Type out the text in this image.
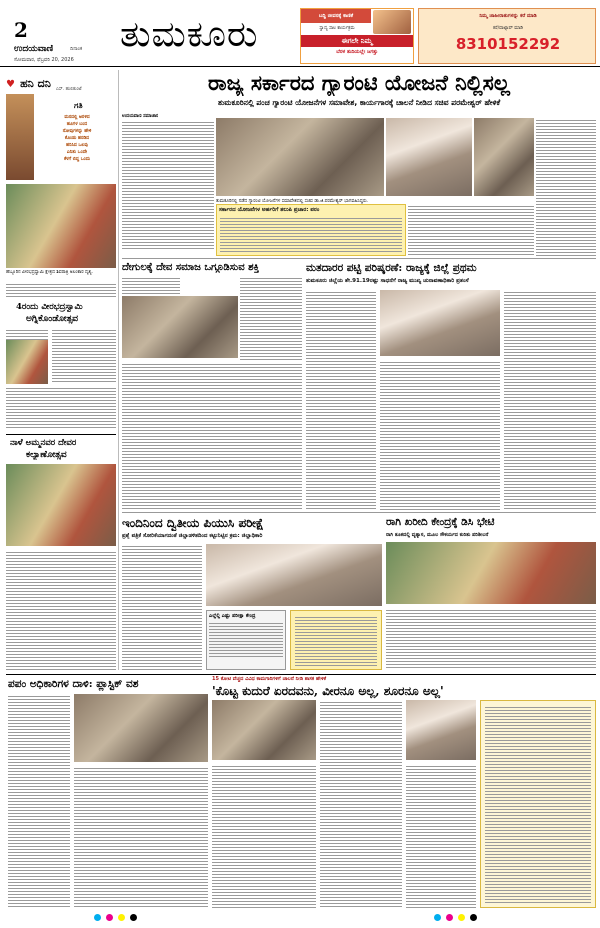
2
ಉದಯವಾಣಿ	ದಿನಾಂಕ
ಸೋಮವಾರ, ಫೆಬ್ರವರಿ 20, 2026
ತುಮಕೂರು	ಬದ್ಧಿ ಜೀವನಕ್ಕೆ ಕಾಣಿಕೆ
ಸ್ವಾದ್ಯ ಸಾಲ ಕಾರ್ಯಕ್ರಮ
ಈಗಲೇ ನಿಮ್ಮ
ಬೆರಳ ತುದಿಯಲ್ಲೇ ಜಗತ್ತು
ನಿಮ್ಮ ಜಾಹೀರಾತುಗಳನ್ನು ಕರೆ ಮಾಡಿ
ಕರೆ/ವಾಟ್ಸಾಪ್ ಮಾಡಿ
8310152292
♥ ಹನಿ ದನಿ	ಎಸ್. ಹುಲಿಕುಂಟೆ
ಗತಿ
ಮನದಲ್ಲಿ ಅರಳಿದ
ಹೂಗಳ ಬಂದ
ನೋವುಗಳನ್ನು ಹೇಳಿ
ಕೊಂಡು ಹರಡಿದ
ಹರಿಸಿದ ಒಲವು
ಎನಿತು ಒಂದೇ
ಕೆಳಗೆ ಬಿದ್ದ ಒಂದು
ಹೆಬ್ಬೂರಿನ ವೀರಭದ್ರಸ್ವಾಮಿ ಕ್ಷೇತ್ರದ ಶಿವರಾತ್ರಿ ಅಲಂಕಾರ ದೃಶ್ಯ.
4ರಂದು ವೀರಭದ್ರಸ್ವಾಮಿ
ಅಗ್ನಿಕೊಂಡೋತ್ಸವ
ನಾಳೆ ಅಮ್ಮನವರ ದೇವರ
ಕಲ್ಯಾಣೋತ್ಸವ
ರಾಜ್ಯ ಸರ್ಕಾರದ ಗ್ಯಾರಂಟಿ ಯೋಜನೆ ನಿಲ್ಲಿಸಲ್ಲ
ತುಮಕೂರಿನಲ್ಲಿ ಪಂಚ ಗ್ಯಾರಂಟಿ ಯೋಜನೆಗಳ ಸಮಾವೇಶ, ಕಾರ್ಯಗಾರಕ್ಕೆ ಚಾಲನೆ ನೀಡಿದ ಸಚಿವ ಪರಮೇಶ್ವರ್ ಹೇಳಿಕೆ
ಉದಯವಾಣಿ ಸಮಾಚಾರ
ತುಮಕೂರಿನಲ್ಲಿ ನಡೆದ ಗ್ಯಾರಂಟಿ ಯೋಜನೆಗಳ ಸಮಾವೇಶದಲ್ಲಿ ಸಚಿವ ಡಾ.ಜಿ.ಪರಮೇಶ್ವರ್ ಭಾಗವಹಿಸಿದ್ದರು.
ಸರ್ಕಾರದ ಯೋಜನೆಗಳ ಅರ್ಹರಿಗೆ ತಲುಪಿ ಪ್ರಚಾರ: ಪರಂ
ದೇಗುಲಕ್ಕೆ ದೇವ ಸಮಾಜ ಒಗ್ಗೂಡಿಸುವ ಶಕ್ತಿ	ಮತದಾರರ ಪಟ್ಟಿ ಪರಿಷ್ಕರಣೆ: ರಾಜ್ಯಕ್ಕೆ ಜಿಲ್ಲೆ ಪ್ರಥಮ
ತುಮಕೂರು ಜಿಲ್ಲೆಯ ಶೇ.91.19ರಷ್ಟು ಸಾಧನೆಗೆ ರಾಜ್ಯ ಮುಖ್ಯ ಚುನಾವಣಾಧಿಕಾರಿ ಪ್ರಶಂಸೆ
ಇಂದಿನಿಂದ ದ್ವಿತೀಯ ಪಿಯುಸಿ ಪರೀಕ್ಷೆ
ಪ್ರಶ್ನೆ ಪತ್ರಿಕೆ ಸೋರಿಕೆಯಾಗದಂತೆ ಜಿಲ್ಲಾಡಳಿತದಿಂದ ಕಟ್ಟುನಿಟ್ಟಿನ ಕ್ರಮ: ಜಿಲ್ಲಾಧಿಕಾರಿ
ಎಲ್ಲೆಲ್ಲಿ ಎಷ್ಟು ಪರೀಕ್ಷಾ ಕೇಂದ್ರ
ರಾಗಿ ಖರೀದಿ ಕೇಂದ್ರಕ್ಕೆ ಡಿಸಿ ಭೇಟಿ
ರಾಗಿ ತೂಕದಲ್ಲಿ ವ್ಯತ್ಯಾಸ, ಮೂಲ ಸೌಕರ್ಯದ ಕುರಿತು ಪರಿಶೀಲನೆ
ಪಪಂ ಅಧಿಕಾರಿಗಳ ದಾಳಿ: ಪ್ಲಾಸ್ಟಿಕ್ ವಶ	15 ಕೋಟಿ ವೆಚ್ಚದ ವಿವಿಧ ಕಾಮಗಾರಿಗಳಿಗೆ ಚಾಲನೆ ನೀಡಿ ಶಾಸಕ ಹೇಳಿಕೆ
'ಕೊಟ್ಟ ಕುದುರೆ ಏರದವನು, ವೀರನೂ ಅಲ್ಲ, ಶೂರನೂ ಅಲ್ಲ'
